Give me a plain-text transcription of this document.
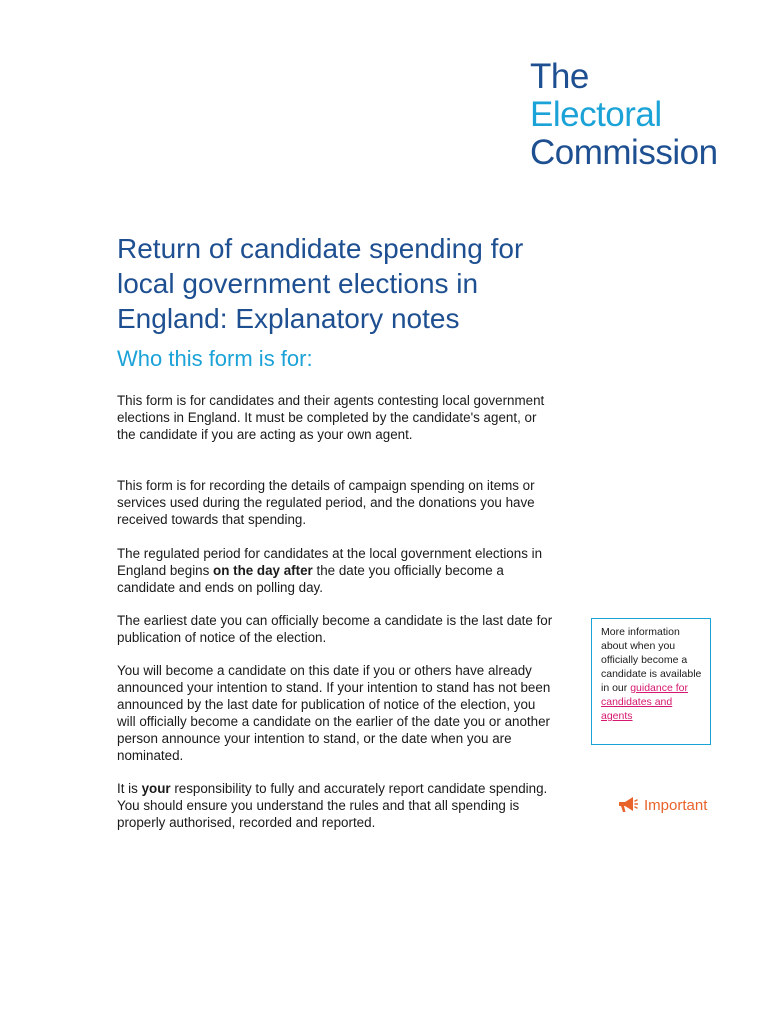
The
Electoral
Commission
Return of candidate spending for local government elections in England: Explanatory notes
Who this form is for:

This form is for candidates and their agents contesting local government elections in England. It must be completed by the candidate's agent, or the candidate if you are acting as your own agent.

This form is for recording the details of campaign spending on items or services used during the regulated period, and the donations you have received towards that spending.

The regulated period for candidates at the local government elections in England begins on the day after the date you officially become a candidate and ends on polling day.

The earliest date you can officially become a candidate is the last date for publication of notice of the election.

You will become a candidate on this date if you or others have already announced your intention to stand. If your intention to stand has not been announced by the last date for publication of notice of the election, you will officially become a candidate on the earlier of the date you or another person announce your intention to stand, or the date when you are nominated.

It is your responsibility to fully and accurately report candidate spending. You should ensure you understand the rules and that all spending is properly authorised, recorded and reported.

More information about when you officially become a candidate is available in our guidance for candidates and agents
Important
